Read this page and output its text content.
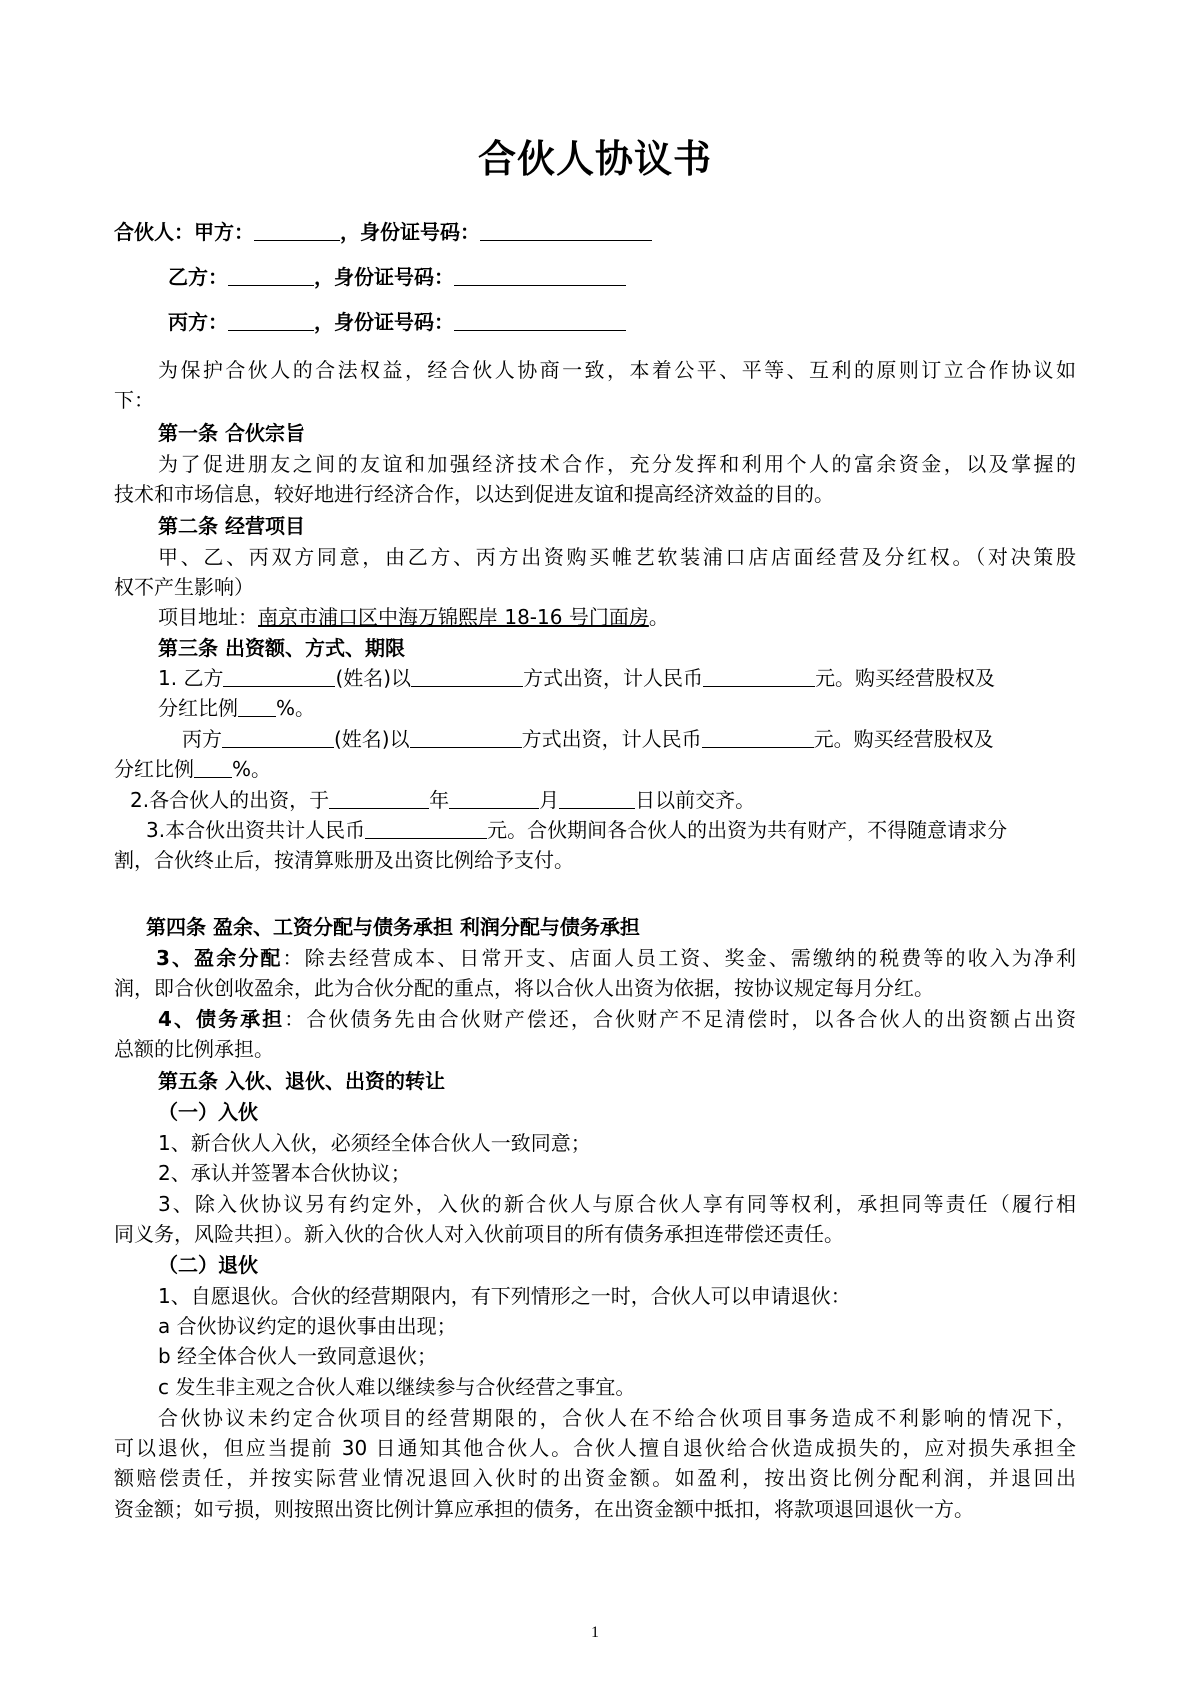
合伙人协议书
合伙人：甲方：	，身份证号码：
乙方：	，身份证号码：
丙方：	，身份证号码：
为保护合伙人的合法权益，经合伙人协商一致，本着公平、平等、互利的原则订立合作协议如
下：
第一条 合伙宗旨
为了促进朋友之间的友谊和加强经济技术合作，充分发挥和利用个人的富余资金，以及掌握的
技术和市场信息，较好地进行经济合作，以达到促进友谊和提高经济效益的目的。
第二条 经营项目
甲、乙、丙双方同意，由乙方、丙方出资购买帷艺软装浦口店店面经营及分红权。（对决策股
权不产生影响）
项目地址：南京市浦口区中海万锦熙岸 18-16 号门面房。
第三条 出资额、方式、期限
1. 乙方	(姓名)以	方式出资，计人民币	元。购买经营股权及
分红比例 %。
丙方	(姓名)以	方式出资，计人民币	元。购买经营股权及
分红比例 %。
2.各合伙人的出资，于	年	月	日以前交齐。
3.本合伙出资共计人民币	元。合伙期间各合伙人的出资为共有财产，不得随意请求分
割，合伙终止后，按清算账册及出资比例给予支付。
第四条 盈余、工资分配与债务承担 利润分配与债务承担
3、盈余分配：除去经营成本、日常开支、店面人员工资、奖金、需缴纳的税费等的收入为净利
润，即合伙创收盈余，此为合伙分配的重点，将以合伙人出资为依据，按协议规定每月分红。
4、债务承担：合伙债务先由合伙财产偿还，合伙财产不足清偿时，以各合伙人的出资额占出资
总额的比例承担。
第五条 入伙、退伙、出资的转让
（一）入伙
1、新合伙人入伙，必须经全体合伙人一致同意；
2、承认并签署本合伙协议；
3、除入伙协议另有约定外，入伙的新合伙人与原合伙人享有同等权利，承担同等责任（履行相
同义务，风险共担）。新入伙的合伙人对入伙前项目的所有债务承担连带偿还责任。
（二）退伙
1、自愿退伙。合伙的经营期限内，有下列情形之一时，合伙人可以申请退伙：
a 合伙协议约定的退伙事由出现；
b 经全体合伙人一致同意退伙；
c 发生非主观之合伙人难以继续参与合伙经营之事宜。
合伙协议未约定合伙项目的经营期限的，合伙人在不给合伙项目事务造成不利影响的情况下，
可以退伙，但应当提前 30 日通知其他合伙人。合伙人擅自退伙给合伙造成损失的，应对损失承担全
额赔偿责任，并按实际营业情况退回入伙时的出资金额。如盈利，按出资比例分配利润，并退回出
资金额；如亏损，则按照出资比例计算应承担的债务，在出资金额中抵扣，将款项退回退伙一方。
1
